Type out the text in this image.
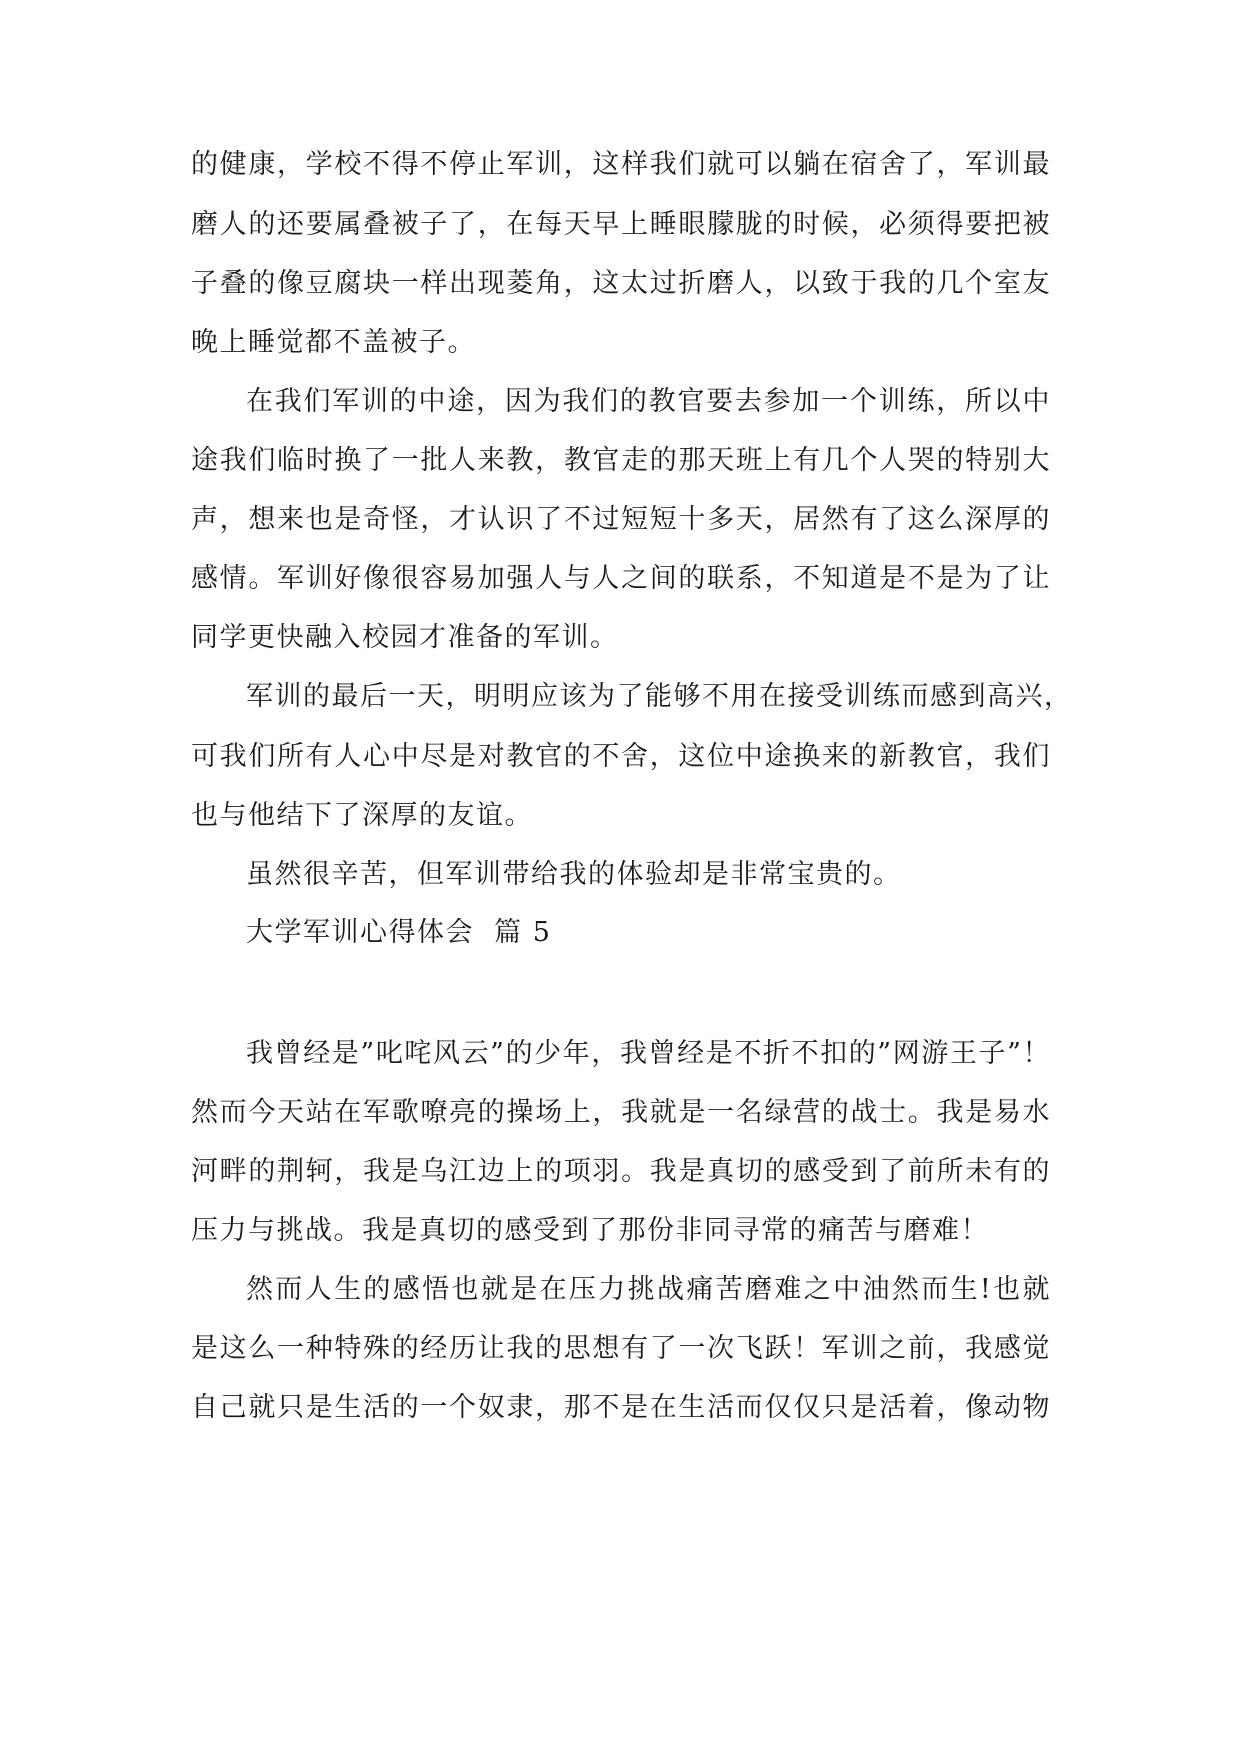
的健康，学校不得不停止军训，这样我们就可以躺在宿舍了，军训最
磨人的还要属叠被子了，在每天早上睡眼朦胧的时候，必须得要把被
子叠的像豆腐块一样出现菱角，这太过折磨人，以致于我的几个室友
晚上睡觉都不盖被子。
在我们军训的中途，因为我们的教官要去参加一个训练，所以中
途我们临时换了一批人来教，教官走的那天班上有几个人哭的特别大
声，想来也是奇怪，才认识了不过短短十多天，居然有了这么深厚的
感情。军训好像很容易加强人与人之间的联系，不知道是不是为了让
同学更快融入校园才准备的军训。
军训的最后一天，明明应该为了能够不用在接受训练而感到高兴，
可我们所有人心中尽是对教官的不舍，这位中途换来的新教官，我们
也与他结下了深厚的友谊。
虽然很辛苦，但军训带给我的体验却是非常宝贵的。
大学军训心得体会  篇 5
我曾经是”叱咤风云”的少年，我曾经是不折不扣的”网游王子”！
然而今天站在军歌嘹亮的操场上，我就是一名绿营的战士。我是易水
河畔的荆轲，我是乌江边上的项羽。我是真切的感受到了前所未有的
压力与挑战。我是真切的感受到了那份非同寻常的痛苦与磨难！
然而人生的感悟也就是在压力挑战痛苦磨难之中油然而生!也就
是这么一种特殊的经历让我的思想有了一次飞跃！军训之前，我感觉
自己就只是生活的一个奴隶，那不是在生活而仅仅只是活着，像动物
